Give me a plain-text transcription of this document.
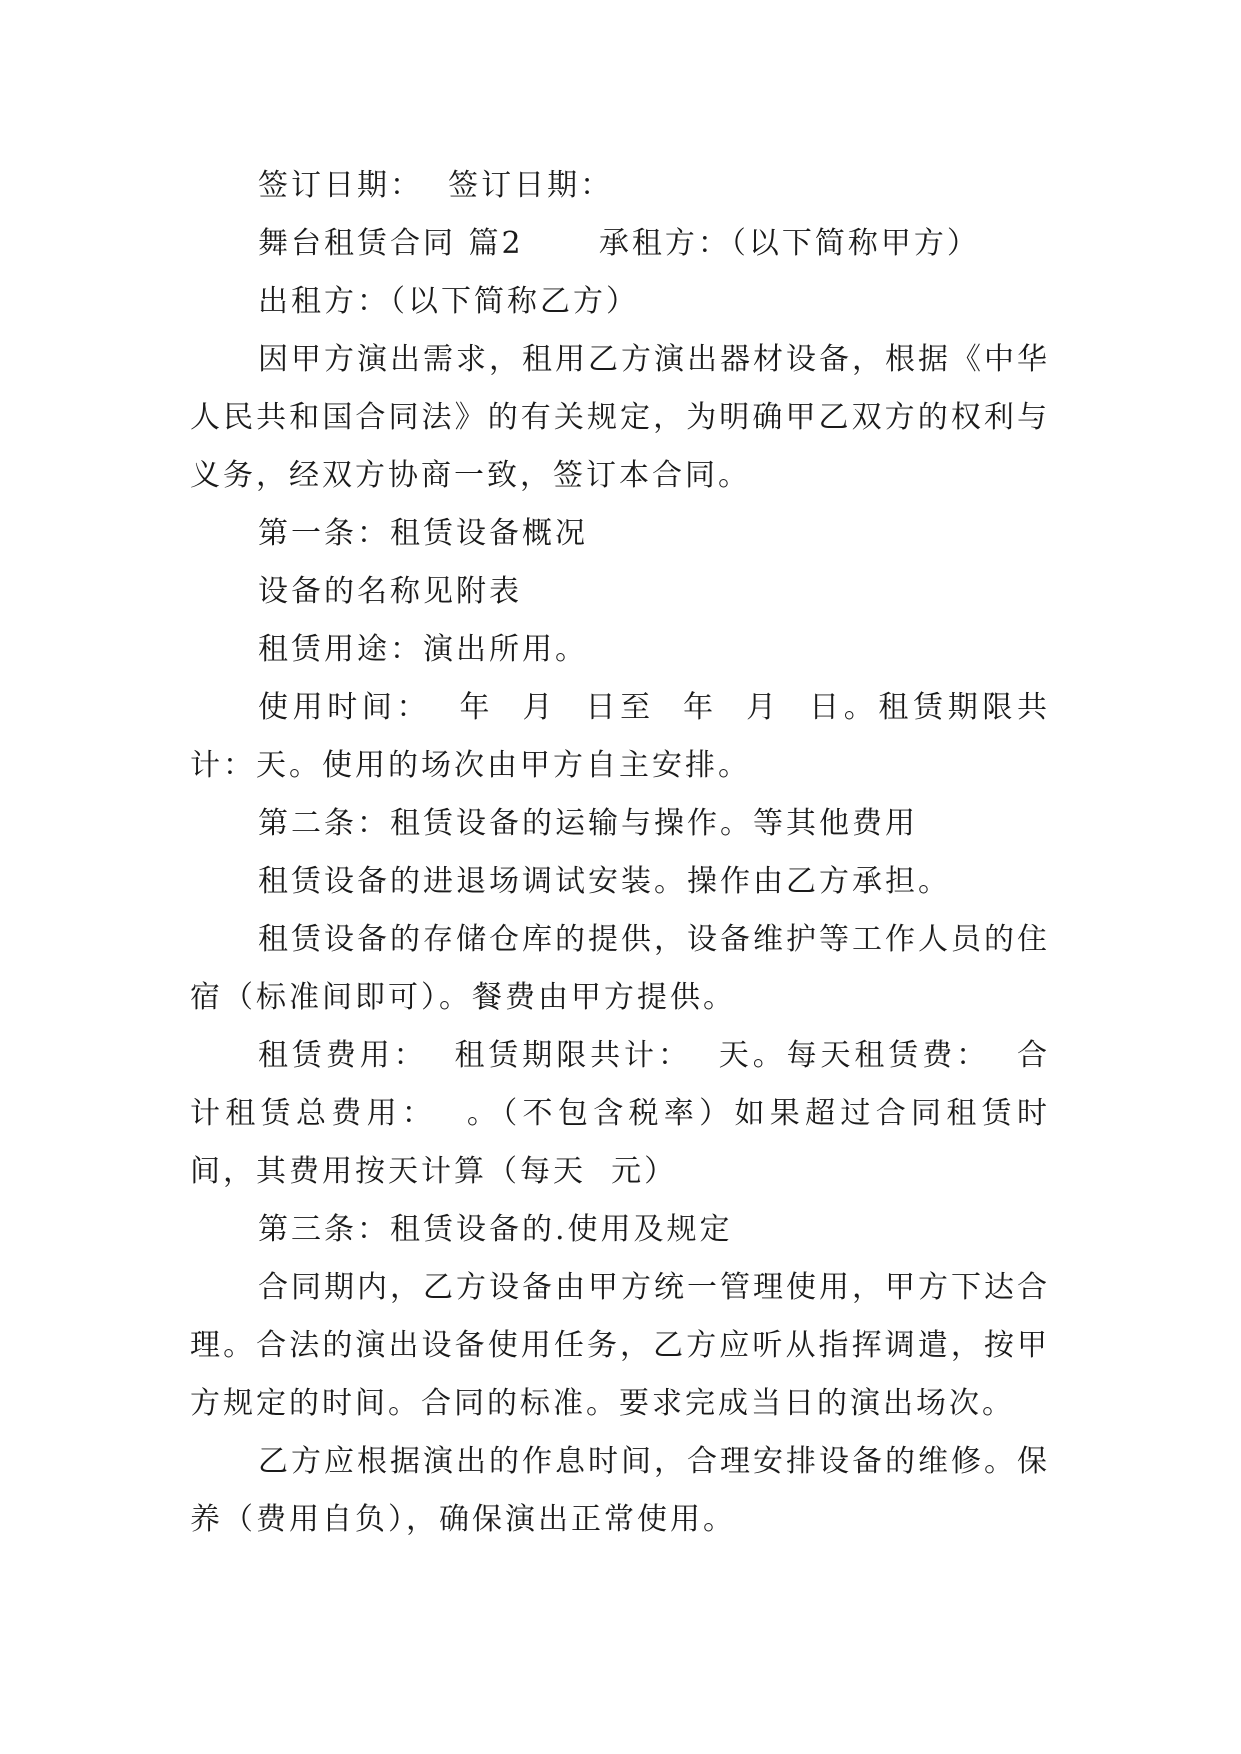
签订日期：  签订日期：

舞台租赁合同 篇2      承租方：（以下简称甲方）

出租方：（以下简称乙方）

因甲方演出需求，租用乙方演出器材设备，根据《中华人民共和国合同法》的有关规定，为明确甲乙双方的权利与义务，经双方协商一致，签订本合同。

第一条：租赁设备概况

设备的名称见附表

租赁用途：演出所用。

使用时间：  年  月  日至  年  月  日。租赁期限共计：天。使用的场次由甲方自主安排。

第二条：租赁设备的运输与操作。等其他费用

租赁设备的进退场调试安装。操作由乙方承担。

租赁设备的存储仓库的提供，设备维护等工作人员的住宿（标准间即可）。餐费由甲方提供。

租赁费用：  租赁期限共计：  天。每天租赁费：  合计租赁总费用：  。（不包含税率）如果超过合同租赁时间，其费用按天计算（每天  元）

第三条：租赁设备的.使用及规定

合同期内，乙方设备由甲方统一管理使用，甲方下达合理。合法的演出设备使用任务，乙方应听从指挥调遣，按甲方规定的时间。合同的标准。要求完成当日的演出场次。

乙方应根据演出的作息时间，合理安排设备的维修。保养（费用自负），确保演出正常使用。
